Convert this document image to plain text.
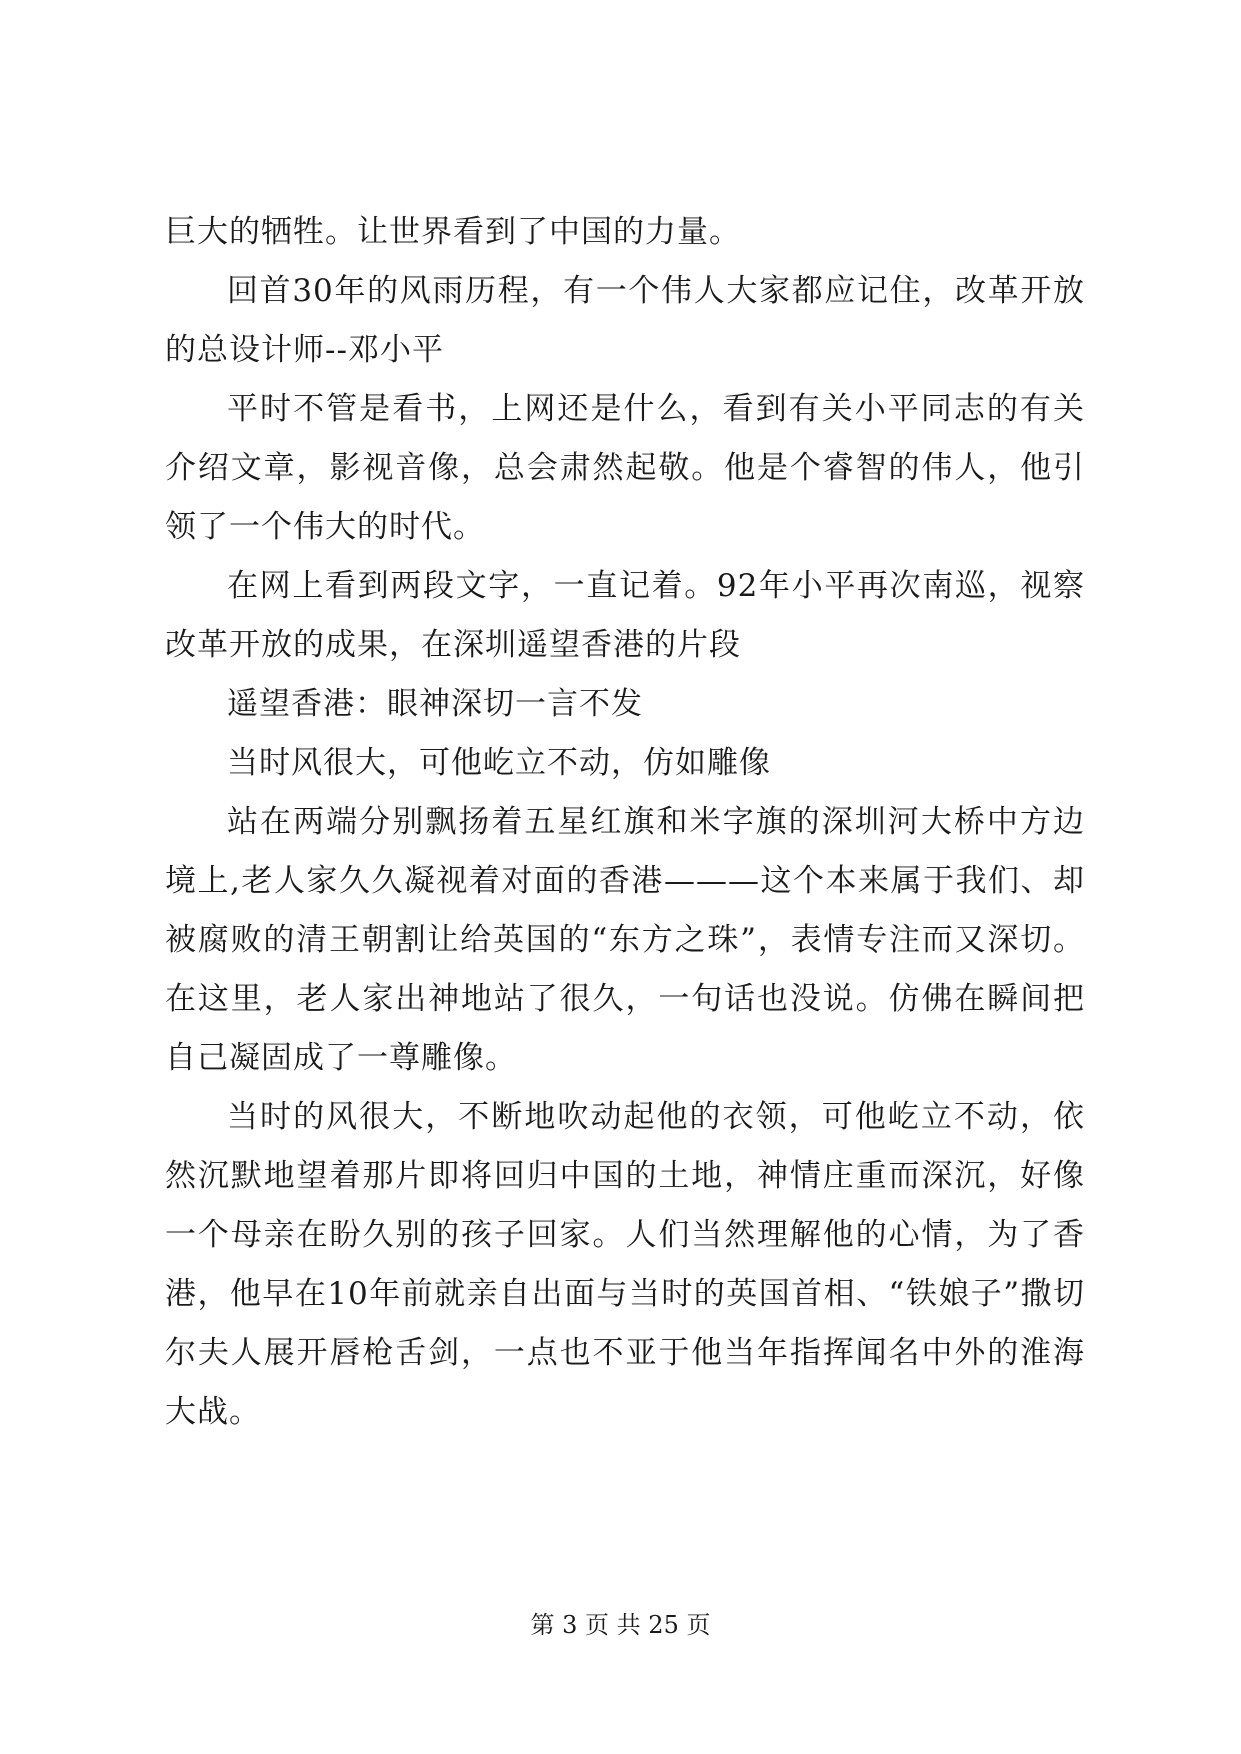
巨大的牺牲。让世界看到了中国的力量。

回首30年的风雨历程，有一个伟人大家都应记住，改革开放的总设计师--邓小平

平时不管是看书，上网还是什么，看到有关小平同志的有关介绍文章，影视音像，总会肃然起敬。他是个睿智的伟人，他引领了一个伟大的时代。

在网上看到两段文字，一直记着。92年小平再次南巡，视察改革开放的成果，在深圳遥望香港的片段

遥望香港：眼神深切一言不发

当时风很大，可他屹立不动，仿如雕像

站在两端分别飘扬着五星红旗和米字旗的深圳河大桥中方边境上,老人家久久凝视着对面的香港———这个本来属于我们、却被腐败的清王朝割让给英国的“东方之珠”，表情专注而又深切。在这里，老人家出神地站了很久，一句话也没说。仿佛在瞬间把自己凝固成了一尊雕像。

当时的风很大，不断地吹动起他的衣领，可他屹立不动，依然沉默地望着那片即将回归中国的土地，神情庄重而深沉，好像一个母亲在盼久别的孩子回家。人们当然理解他的心情，为了香港，他早在10年前就亲自出面与当时的英国首相、“铁娘子”撒切尔夫人展开唇枪舌剑，一点也不亚于他当年指挥闻名中外的淮海大战。

第 3 页 共 25 页
